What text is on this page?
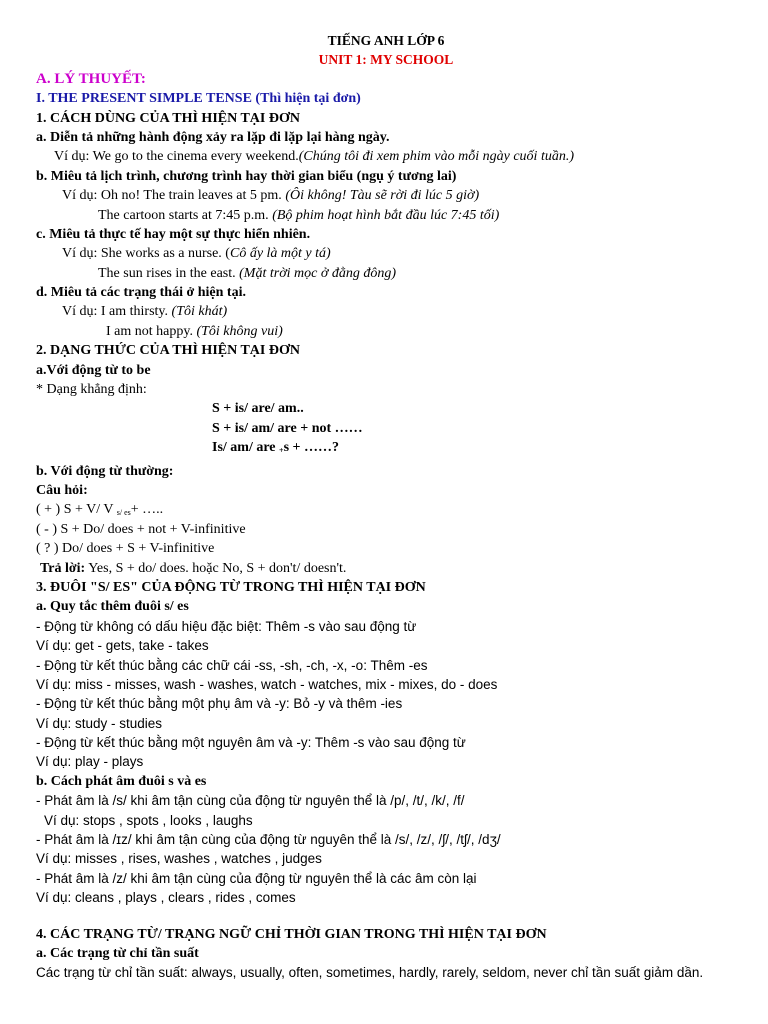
TIẾNG ANH LỚP 6
UNIT 1: MY SCHOOL
A. LÝ THUYẾT:
I. THE PRESENT SIMPLE TENSE (Thì hiện tại đơn)
1. CÁCH DÙNG CỦA THÌ HIỆN TẠI ĐƠN
a. Diễn tả những hành động xảy ra lặp đi lặp lại hàng ngày.
Ví dụ: We go to the cinema every weekend.(Chúng tôi đi xem phim vào mỗi ngày cuối tuần.)
b. Miêu tả lịch trình, chương trình hay thời gian biểu (ngụ ý tương lai)
Ví dụ: Oh no! The train leaves at 5 pm. (Ôi không! Tàu sẽ rời đi lúc 5 giờ)
The cartoon starts at 7:45 p.m. (Bộ phim hoạt hình bắt đầu lúc 7:45 tối)
c. Miêu tả thực tế hay một sự thực hiển nhiên.
Ví dụ: She works as a nurse. (Cô ấy là một y tá)
The sun rises in the east. (Mặt trời mọc ở đằng đông)
d. Miêu tả các trạng thái ở hiện tại.
Ví dụ: I am thirsty. (Tôi khát)
I am not happy. (Tôi không vui)
2. DẠNG THỨC CỦA THÌ HIỆN TẠI ĐƠN
a.Với động từ to be
* Dạng khẳng định:
S + is/ are/ am..
S + is/ am/ are + not ……
Is/ am/ are $_+$s + ……?
b. Với động từ thường:
Câu hỏi:
( + ) S + V/ V $_{s/ es}$+ …..
( - ) S + Do/ does + not + V-infinitive
( ? ) Do/ does + S + V-infinitive
Trả lời: Yes, S + do/ does. hoặc No, S + don't/ doesn't.
3. ĐUÔI "S/ ES" CỦA ĐỘNG TỪ TRONG THÌ HIỆN TẠI ĐƠN
a. Quy tắc thêm đuôi s/ es
- Động từ không có dấu hiệu đặc biệt: Thêm -s vào sau động từ
Ví dụ: get - gets, take - takes
- Động từ kết thúc bằng các chữ cái -ss, -sh, -ch, -x, -o: Thêm -es
Ví dụ: miss - misses, wash - washes, watch - watches, mix - mixes, do - does
- Động từ kết thúc bằng một phụ âm và -y: Bỏ -y và thêm -ies
Ví dụ: study - studies
- Động từ kết thúc bằng một nguyên âm và -y: Thêm -s vào sau động từ
Ví dụ: play - plays
b. Cách phát âm đuôi s và es
- Phát âm là /s/ khi âm tận cùng của động từ nguyên thể là /p/, /t/, /k/, /f/
Ví dụ: stops , spots , looks , laughs
- Phát âm là /ɪz/ khi âm tận cùng của động từ nguyên thể là /s/, /z/, /ʃ/, /tʃ/, /dʒ/
Ví dụ: misses , rises, washes , watches , judges
- Phát âm là /z/ khi âm tận cùng của động từ nguyên thể là các âm còn lại
Ví dụ: cleans , plays , clears , rides , comes
4. CÁC TRẠNG TỪ/ TRẠNG NGỮ CHỈ THỜI GIAN TRONG THÌ HIỆN TẠI ĐƠN
a. Các trạng từ chỉ tần suất
Các trạng từ chỉ tần suất: always, usually, often, sometimes, hardly, rarely, seldom, never chỉ tần suất giảm dần.
